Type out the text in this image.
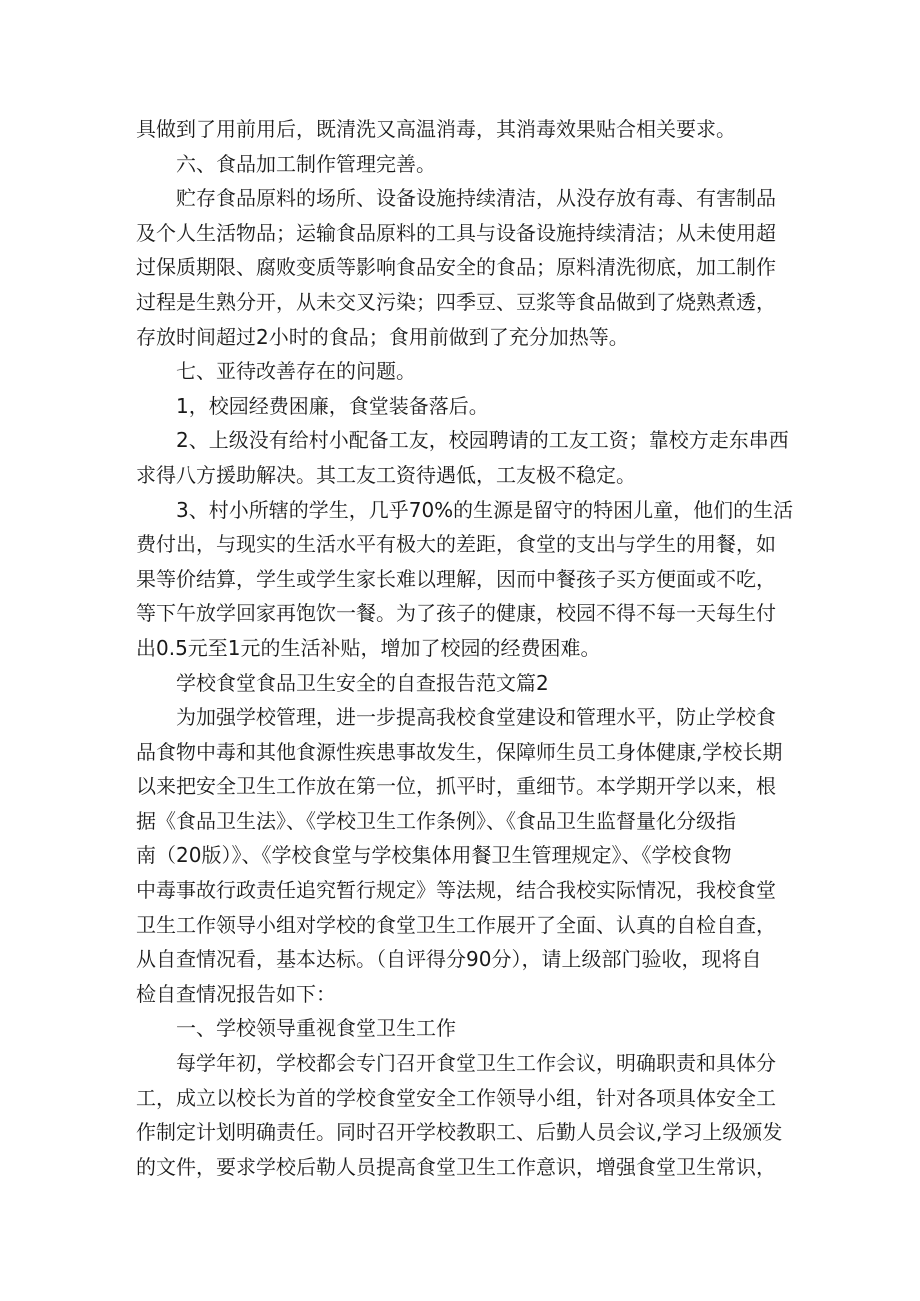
具做到了用前用后，既清洗又高温消毒，其消毒效果贴合相关要求。
六、食品加工制作管理完善。
贮存食品原料的场所、设备设施持续清洁，从没存放有毒、有害制品
及个人生活物品；运输食品原料的工具与设备设施持续清洁；从未使用超
过保质期限、腐败变质等影响食品安全的食品；原料清洗彻底，加工制作
过程是生熟分开，从未交叉污染；四季豆、豆浆等食品做到了烧熟煮透，
存放时间超过2小时的食品；食用前做到了充分加热等。
七、亚待改善存在的问题。
1，校园经费困廉，食堂装备落后。
2、上级没有给村小配备工友，校园聘请的工友工资；靠校方走东串西
求得八方援助解决。其工友工资待遇低，工友极不稳定。
3、村小所辖的学生，几乎70%的生源是留守的特困儿童，他们的生活
费付出，与现实的生活水平有极大的差距，食堂的支出与学生的用餐，如
果等价结算，学生或学生家长难以理解，因而中餐孩子买方便面或不吃，
等下午放学回家再饱饮一餐。为了孩子的健康，校园不得不每一天每生付
出0.5元至1元的生活补贴，增加了校园的经费困难。
学校食堂食品卫生安全的自查报告范文篇2
为加强学校管理，进一步提高我校食堂建设和管理水平，防止学校食
品食物中毒和其他食源性疾患事故发生，保障师生员工身体健康,学校长期
以来把安全卫生工作放在第一位，抓平时，重细节。本学期开学以来，根
据《食品卫生法》、《学校卫生工作条例》、《食品卫生监督量化分级指
南（20版）》、《学校食堂与学校集体用餐卫生管理规定》、《学校食物
中毒事故行政责任追究暂行规定》等法规，结合我校实际情况，我校食堂
卫生工作领导小组对学校的食堂卫生工作展开了全面、认真的自检自查，
从自查情况看，基本达标。（自评得分90分），请上级部门验收，现将自
检自查情况报告如下：
一、学校领导重视食堂卫生工作
每学年初，学校都会专门召开食堂卫生工作会议，明确职责和具体分
工，成立以校长为首的学校食堂安全工作领导小组，针对各项具体安全工
作制定计划明确责任。同时召开学校教职工、后勤人员会议,学习上级颁发
的文件，要求学校后勒人员提高食堂卫生工作意识，增强食堂卫生常识，
